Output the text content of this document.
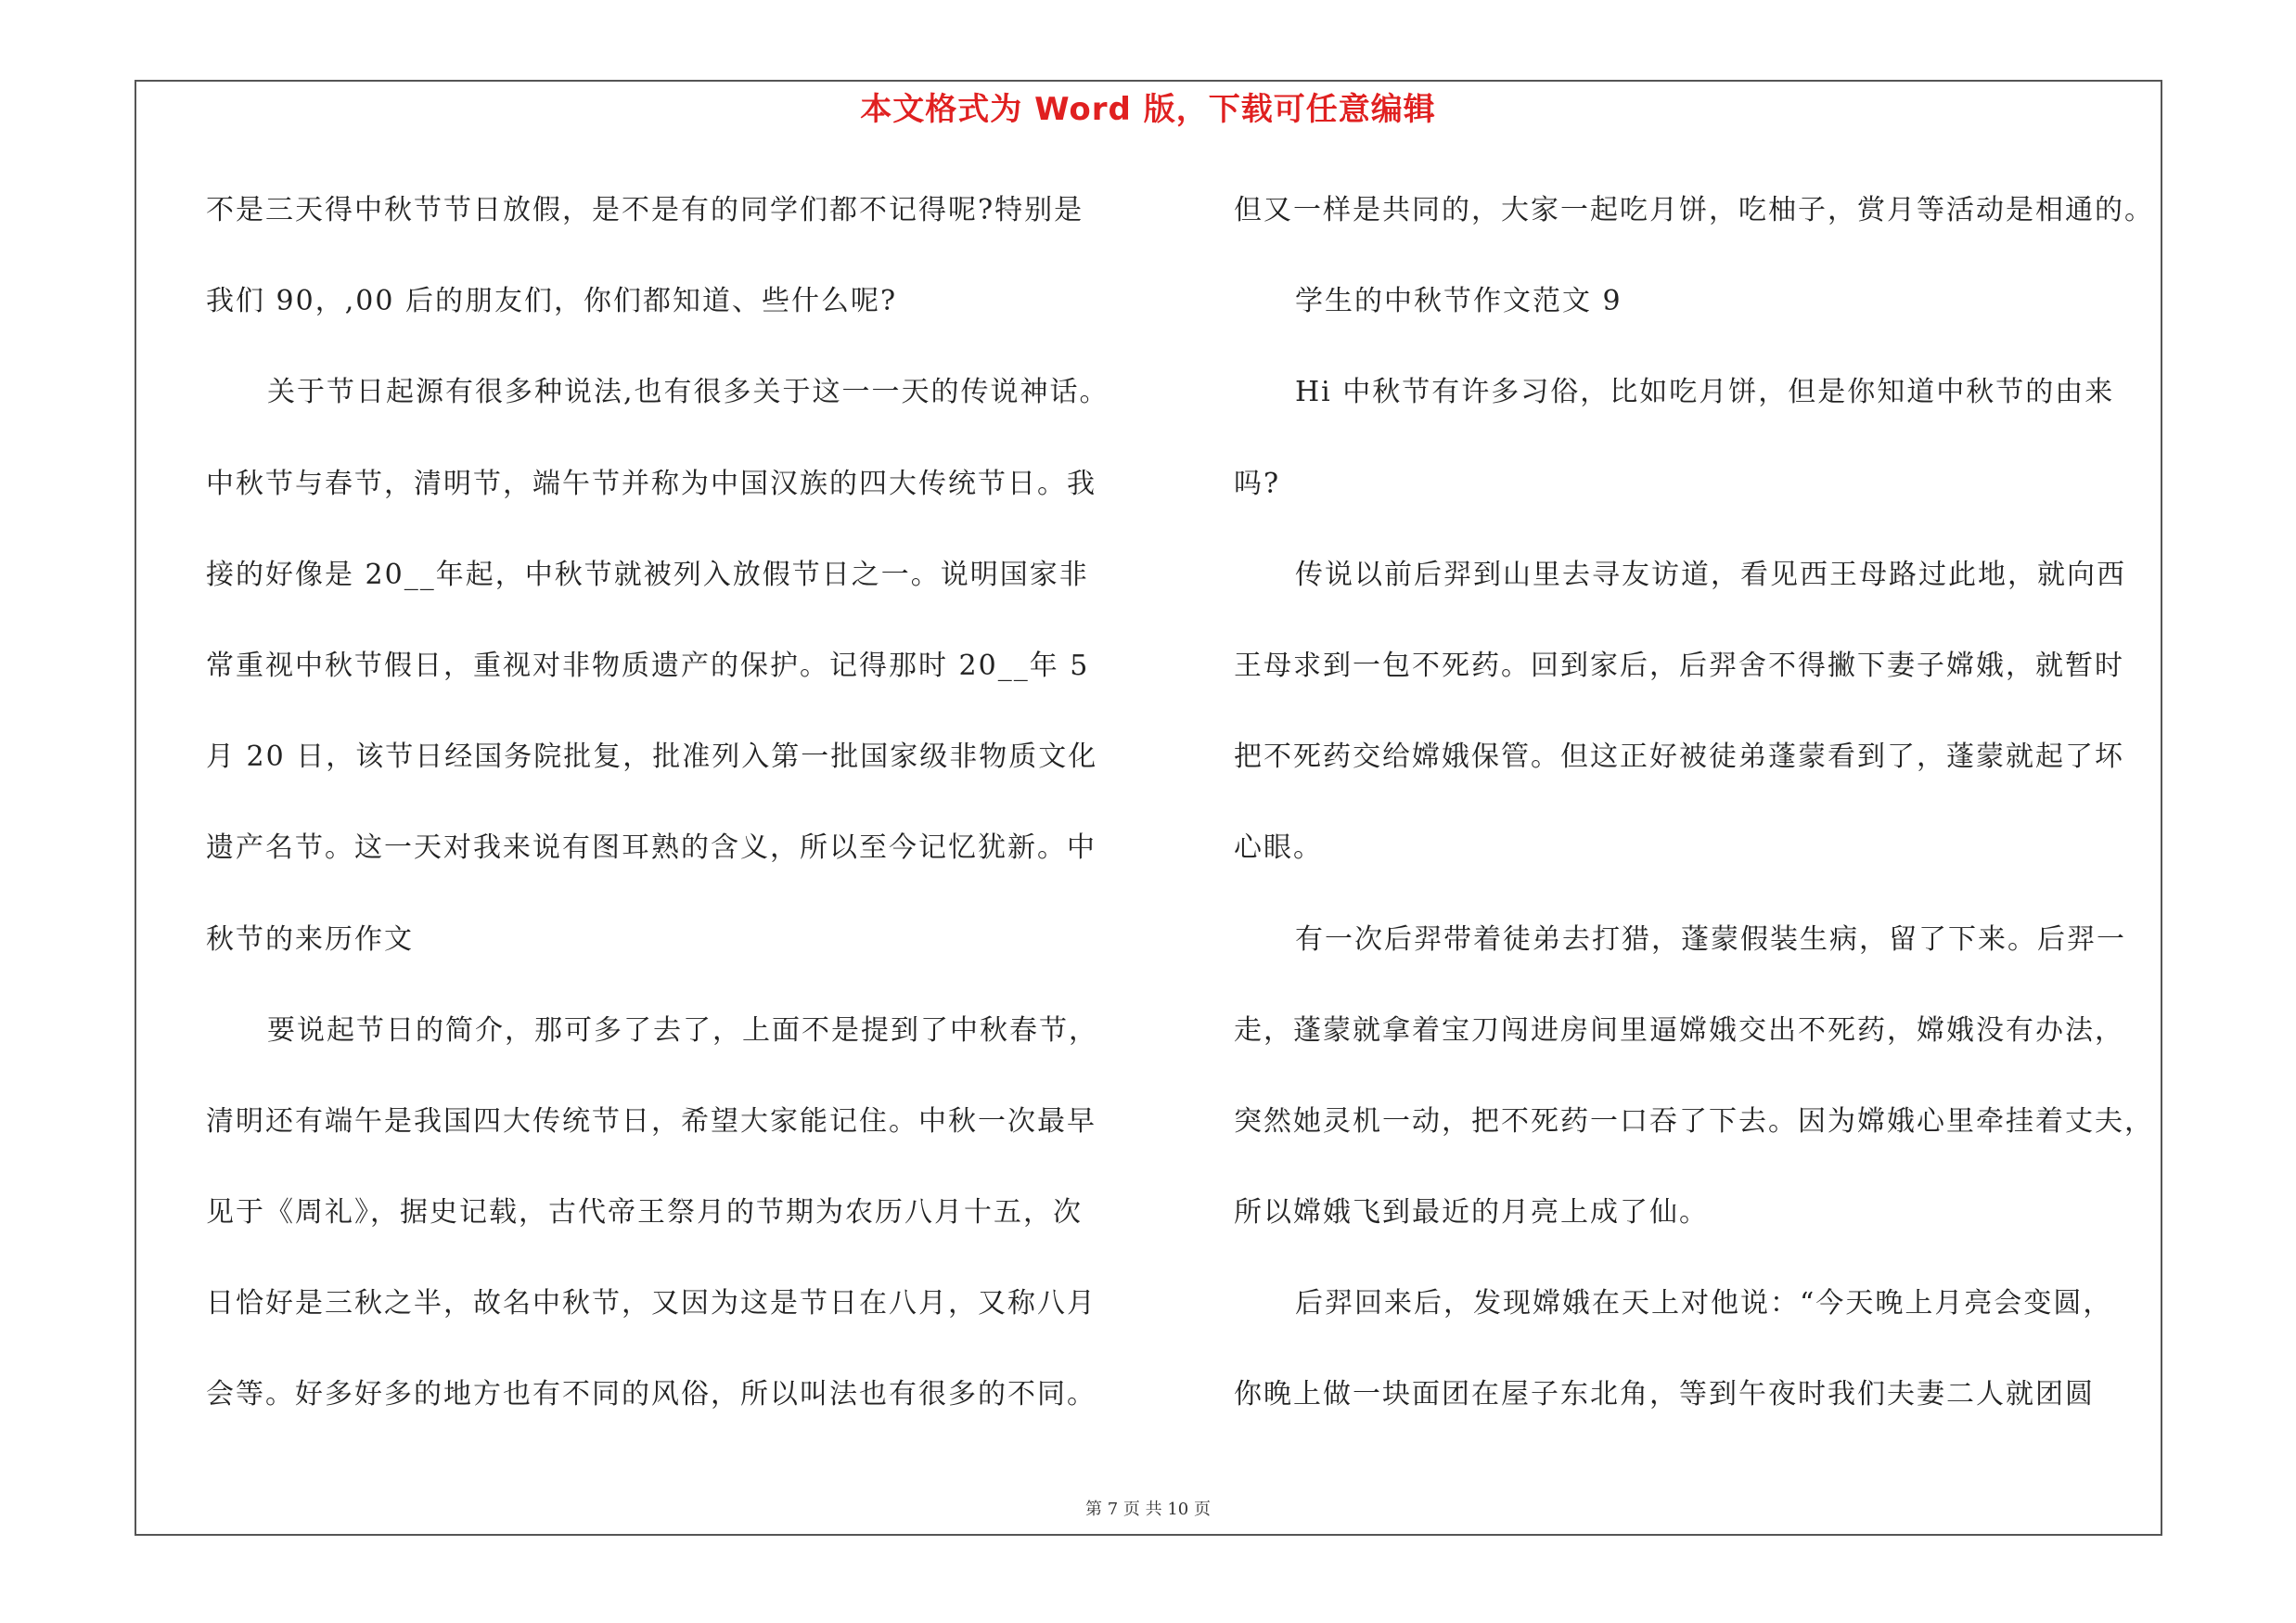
本文格式为 Word 版，下载可任意编辑
不是三天得中秋节节日放假，是不是有的同学们都不记得呢?特别是
我们 90，,00 后的朋友们，你们都知道、些什么呢?
关于节日起源有很多种说法,也有很多关于这一一天的传说神话。
中秋节与春节，清明节，端午节并称为中国汉族的四大传统节日。我
接的好像是 20__年起，中秋节就被列入放假节日之一。说明国家非
常重视中秋节假日，重视对非物质遗产的保护。记得那时 20__年 5
月 20 日，该节日经国务院批复，批准列入第一批国家级非物质文化
遗产名节。这一天对我来说有图耳熟的含义，所以至今记忆犹新。中
秋节的来历作文
要说起节日的简介，那可多了去了，上面不是提到了中秋春节，
清明还有端午是我国四大传统节日，希望大家能记住。中秋一次最早
见于《周礼》，据史记载，古代帝王祭月的节期为农历八月十五，次
日恰好是三秋之半，故名中秋节，又因为这是节日在八月，又称八月
会等。好多好多的地方也有不同的风俗，所以叫法也有很多的不同。
但又一样是共同的，大家一起吃月饼，吃柚子，赏月等活动是相通的。
学生的中秋节作文范文 9
Hi 中秋节有许多习俗，比如吃月饼，但是你知道中秋节的由来
吗?
传说以前后羿到山里去寻友访道，看见西王母路过此地，就向西
王母求到一包不死药。回到家后，后羿舍不得撇下妻子嫦娥，就暂时
把不死药交给嫦娥保管。但这正好被徒弟蓬蒙看到了，蓬蒙就起了坏
心眼。
有一次后羿带着徒弟去打猎，蓬蒙假装生病，留了下来。后羿一
走，蓬蒙就拿着宝刀闯进房间里逼嫦娥交出不死药，嫦娥没有办法，
突然她灵机一动，把不死药一口吞了下去。因为嫦娥心里牵挂着丈夫，
所以嫦娥飞到最近的月亮上成了仙。
后羿回来后，发现嫦娥在天上对他说：“今天晚上月亮会变圆，
你晚上做一块面团在屋子东北角，等到午夜时我们夫妻二人就团圆
第 7 页 共 10 页
